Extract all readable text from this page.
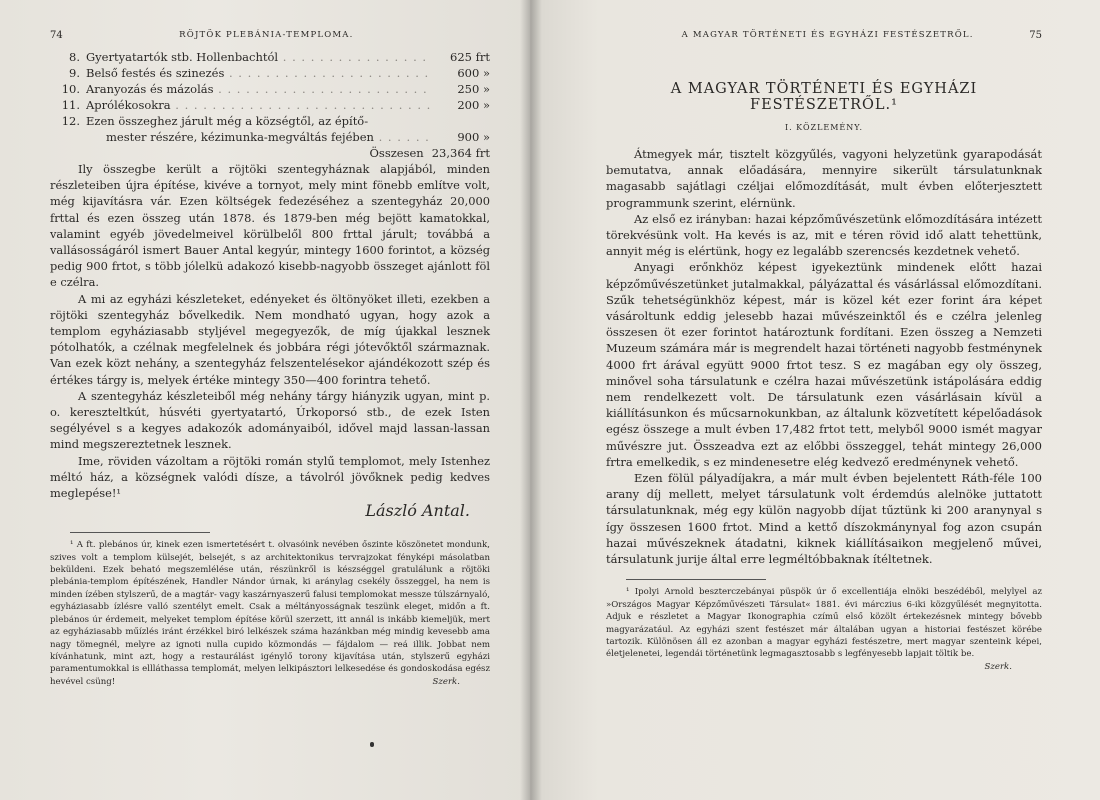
74	RÖJTÖK PLEBÁNIA-TEMPLOMA.
8. Gyertyatartók stb. Hollenbachtól . . .	625 frt
9. Belső festés és szinezés . . .	600 »
10. Aranyozás és mázolás . . .	250 »
11. Aprólékosokra . . .	200 »
12. Ezen összeghez járult még a községtől, az építő-
mester részére, kézimunka-megváltás fejében . . .	900 »
Összesen 23,364 frt

Ily összegbe került a röjtöki szentegyháznak alapjából, minden részleteiben újra építése, kivéve a tornyot, mely mint fönebb említve volt, még kijavításra vár. Ezen költségek fedezéséhez a szentegyház 20,000 frttal és ezen összeg után 1878. és 1879-ben még bejött kamatokkal, valamint egyéb jövedelmeivel körülbelől 800 frttal járult; továbbá a vallásosságáról ismert Bauer Antal kegyúr, mintegy 1600 forintot, a község pedig 900 frtot, s több jólelkü adakozó kisebb-nagyobb összeget ajánlott föl e czélra.

A mi az egyházi készleteket, edényeket és öltönyöket illeti, ezekben a röjtöki szentegyház bővelkedik. Nem mondható ugyan, hogy azok a templom egyháziasabb styljével megegyezők, de míg újakkal lesznek pótolhatók, a czélnak megfelelnek és jobbára régi jótevőktől származnak. Van ezek közt nehány, a szentegyház felszentelésekor ajándékozott szép és értékes tárgy is, melyek értéke mintegy 350—400 forintra tehető.

A szentegyház készleteiből még nehány tárgy hiányzik ugyan, mint p. o. kereszteltkút, húsvéti gyertyatartó, Úrkoporsó stb., de ezek Isten segélyével s a kegyes adakozók adományaiból, idővel majd lassan-lassan mind megszereztetnek lesznek.

Ime, röviden vázoltam a röjtöki román stylű templomot, mely Istenhez méltó ház, a községnek valódi dísze, a távolról jövőknek pedig kedves meglepése!¹

László Antal.
¹ A ft. plebános úr, kinek ezen ismertetésért t. olvasóink nevében őszinte köszönetet mondunk, szives volt a templom külsejét, belsejét, s az architektonikus tervrajzokat fényképi másolatban beküldeni. Ezek beható megszemlélése után, részünkről is készséggel gratulálunk a röjtöki plebánia-templom építészének, Handler Nándor úrnak, ki aránylag csekély összeggel, ha nem is minden ízében stylszerű, de a magtár- vagy kaszárnyaszerű falusi templomokat messze túlszárnyaló, egyháziasabb ízlésre valló szentélyt emelt. Csak a méltányosságnak teszünk eleget, midőn a ft. plebános úr érdemeit, melyeket templom építése körül szerzett, itt annál is inkább kiemeljük, mert az egyháziasabb műízlés iránt érzékkel biró lelkészek száma hazánkban még mindig kevesebb ama nagy tömegnél, melyre az ignoti nulla cupido közmondás — fájdalom — reá illik. Jobbat nem kívánhatunk, mint azt, hogy a restaurálást igénylő torony kijavítása után, stylszerű egyházi paramentumokkal is ellláthassa templomát, melyen lelkipásztori lelkesedése és gondoskodása egész hevével csüng!	Szerk.
A MAGYAR TÖRTÉNETI ÉS EGYHÁZI FESTÉSZETRŐL.	75
A MAGYAR TÖRTÉNETI ÉS EGYHÁZI FESTÉSZETRŐL.¹
I. KÖZLEMÉNY.

Átmegyek már, tisztelt közgyűlés, vagyoni helyzetünk gyarapodását bemutatva, annak előadására, mennyire sikerült társulatunknak magasabb sajátlagi czéljai előmozdítását, mult évben előterjesztett programmunk szerint, elérnünk.

Az első ez irányban: hazai képzőművészetünk előmozdítására intézett törekvésünk volt. Ha kevés is az, mit e téren rövid idő alatt tehettünk, annyit még is elértünk, hogy ez legalább szerencsés kezdetnek vehető.

Anyagi erőnkhöz képest igyekeztünk mindenek előtt hazai képzőművészetünket jutalmakkal, pályázattal és vásárlással előmozdítani. Szűk tehetségünkhöz képest, már is közel két ezer forint ára képet vásároltunk eddig jelesebb hazai művészeinktől és e czélra jelenleg összesen öt ezer forintot határoztunk fordítani. Ezen összeg a Nemzeti Muzeum számára már is megrendelt hazai történeti nagyobb festménynek 4000 frt árával együtt 9000 frtot tesz. S ez magában egy oly összeg, minővel soha társulatunk e czélra hazai művészetünk istápolására eddig nem rendelkezett volt. De társulatunk ezen vásárlásain kívül a kiállításunkon és műcsarnokunkban, az általunk közvetített képelőadások egész összege a mult évben 17,482 frtot tett, melyből 9000 ismét magyar művészre jut. Összeadva ezt az előbbi összeggel, tehát mintegy 26,000 frtra emelkedik, s ez mindenesetre elég kedvező eredménynek vehető.

Ezen fölül pályadíjakra, a már mult évben bejelentett Ráth-féle 100 arany díj mellett, melyet társulatunk volt érdemdús alelnöke juttatott társulatunknak, még egy külön nagyobb díjat tűztünk ki 200 aranynyal s így összesen 1600 frtot. Mind a kettő díszokmánynyal fog azon csupán hazai művészeknek átadatni, kiknek kiállításaikon megjelenő művei, társulatunk jurije által erre legméltóbbaknak ítéltetnek.

¹ Ipolyi Arnold beszterczebányai püspök úr ő excellentiája elnöki beszédéből, melylyel az »Országos Magyar Képzőművészeti Társulat« 1881. évi márczius 6-iki közgyűlését megnyitotta. Adjuk e részletet a Magyar Ikonographia czímű első közölt értekezésnek mintegy bővebb magyarázatául. Az egyházi szent festészet már általában ugyan a historiai festészet körébe tartozik. Különösen áll ez azonban a magyar egyházi festészetre, mert magyar szenteink képei, életjelenetei, legendái történetünk legmagasztosabb s legfényesebb lapjait töltik be.
Szerk.
